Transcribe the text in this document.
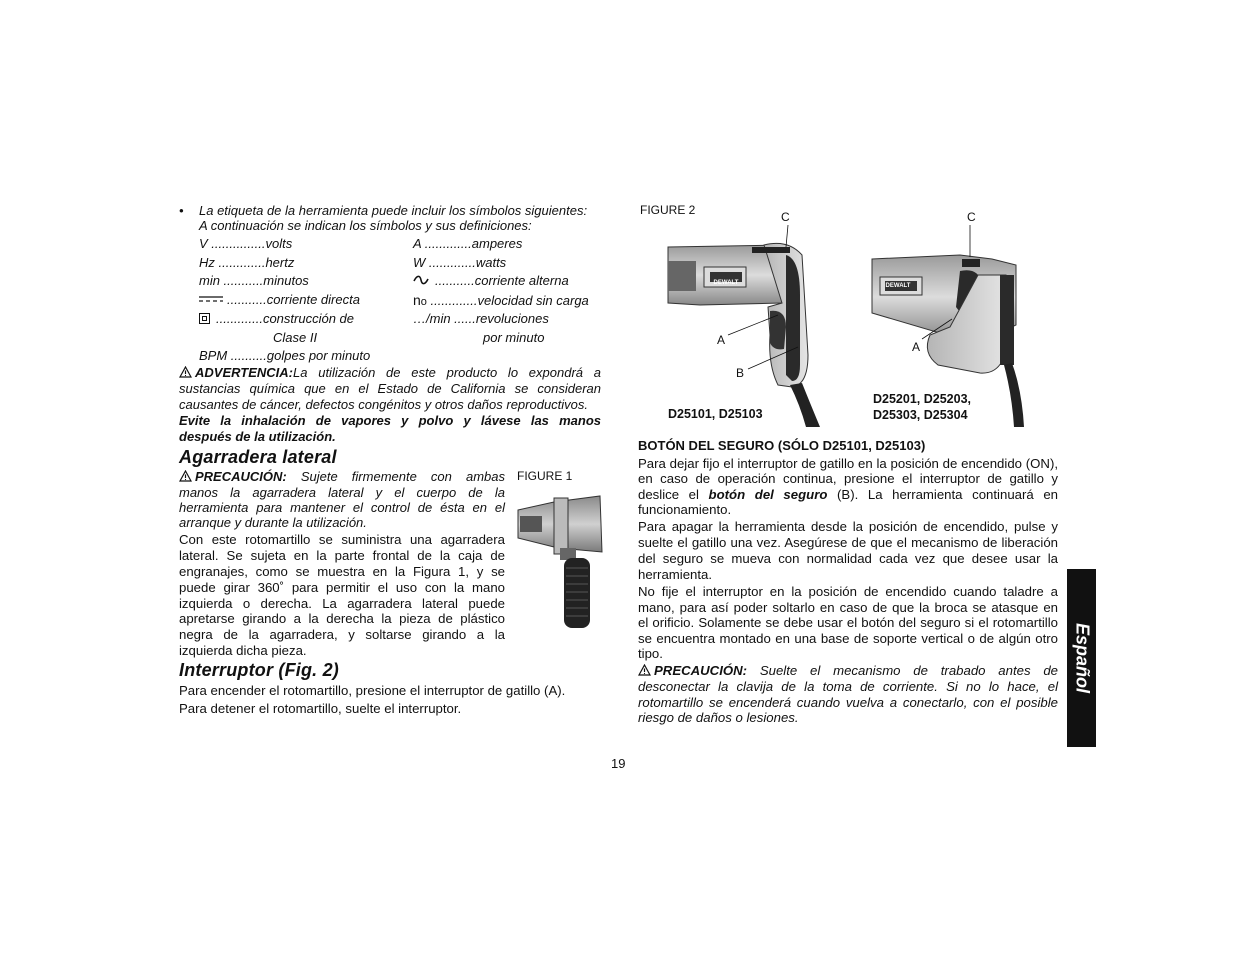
• La etiqueta de la herramienta puede incluir los símbolos siguientes:
A continuación se indican los símbolos y sus definiciones:
V ...............volts
Hz .............hertz
min ...........minutos
...........corriente directa
.............construcción de
Clase II
BPM ..........golpes por minuto
A .............amperes
W .............watts
...........corriente alterna
no .............velocidad sin carga
…/min ......revoluciones
por minuto
ADVERTENCIA:La utilización de este producto lo expondrá a
sustancias química que en el Estado de California se consideran
causantes de cáncer, defectos congénitos y otros daños reproductivos.
Evite la inhalación de vapores y polvo y lávese las manos
después de la utilización.
Agarradera lateral
PRECAUCIÓN: Sujete firmemente con ambas
manos la agarradera lateral y el cuerpo de la
herramienta para mantener el control de ésta en el
arranque y durante la utilización.
Con este rotomartillo se suministra una agarradera
lateral. Se sujeta en la parte frontal de la caja de
engranajes, como se muestra en la Figura 1, y se
puede girar 360˚ para permitir el uso con la mano
izquierda o derecha. La agarradera lateral puede
apretarse girando a la derecha la pieza de plástico
negra de la agarradera, y soltarse girando a la
izquierda dicha pieza.
FIGURE 1
Interruptor (Fig. 2)
Para encender el rotomartillo, presione el interruptor de gatillo (A).
Para detener el rotomartillo, suelte el interruptor.
FIGURE 2
DEWALT	DEWALT
C	C
A
B
A
D25101, D25103
D25201, D25203,
D25303, D25304
BOTÓN DEL SEGURO (SÓLO D25101, D25103)
Para dejar fijo el interruptor de gatillo en la posición de encendido (ON),
en caso de operación continua, presione el interruptor de gatillo y
deslice el botón del seguro (B). La herramienta continuará en
funcionamiento.
Para apagar la herramienta desde la posición de encendido, pulse y
suelte el gatillo una vez. Asegúrese de que el mecanismo de liberación
del seguro se mueva con normalidad cada vez que desee usar la
herramienta.
No fije el interruptor en la posición de encendido cuando taladre a
mano, para así poder soltarlo en caso de que la broca se atasque en
el orificio. Solamente se debe usar el botón del seguro si el rotomartillo
se encuentra montado en una base de soporte vertical o de algún otro
tipo.
PRECAUCIÓN: Suelte el mecanismo de trabado antes de
desconectar la clavija de la toma de corriente. Si no lo hace, el
rotomartillo se encenderá cuando vuelva a conectarlo, con el posible
riesgo de daños o lesiones.
19
Español
